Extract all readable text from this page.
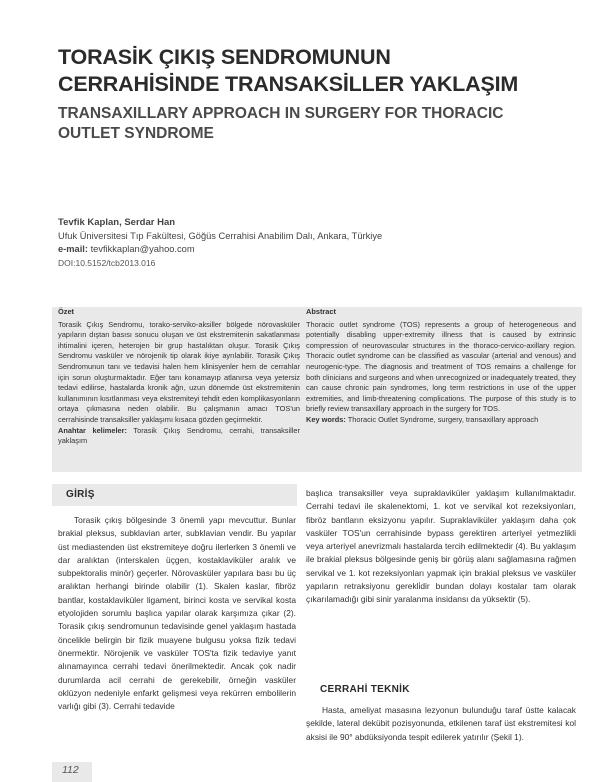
TORASİK ÇIKIŞ SENDROMUNUN
CERRAHİSİNDE TRANSAKSİLLER YAKLAŞIM
TRANSAXILLARY APPROACH IN SURGERY FOR THORACIC
OUTLET SYNDROME
Tevfik Kaplan, Serdar Han
Ufuk Üniversitesi Tıp Fakültesi, Göğüs Cerrahisi Anabilim Dalı, Ankara, Türkiye
e-mail: tevfikkaplan@yahoo.com
DOI:10.5152/tcb2013.016
Özet
Torasik Çıkış Sendromu, torako-serviko-aksiller bölgede nörovasküler yapıların dıştan basısı sonucu oluşan ve üst ekstremitenin sakatlanması ihtimalini içeren, heterojen bir grup hastalıktan oluşur. Torasik Çıkış Sendromu vasküler ve nörojenik tip olarak ikiye ayrılabilir. Torasik Çıkış Sendromunun tanı ve tedavisi halen hem klinisyenler hem de cerrahlar için sorun oluşturmaktadır. Eğer tanı konamayıp atlanırsa veya yetersiz tedavi edilirse, hastalarda kronik ağrı, uzun dönemde üst ekstremitenin kullanımının kısıtlanması veya ekstremiteyi tehdit eden komplikasyonların ortaya çıkmasına neden olabilir. Bu çalışmanın amacı TOS'un cerrahisinde transaksiller yaklaşımı kısaca gözden geçirmektir.
Anahtar kelimeler: Torasik Çıkış Sendromu, cerrahi, transaksiller yaklaşım
Abstract
Thoracic outlet syndrome (TOS) represents a group of heterogeneous and potentially disabling upper-extremity illness that is caused by extrinsic compression of neurovascular structures in the thoraco-cervico-axillary region. Thoracic outlet syndrome can be classified as vascular (arterial and venous) and neurogenic-type. The diagnosis and treatment of TOS remains a challenge for both clinicians and surgeons and when unrecognized or inadequately treated, they can cause chronic pain syndromes, long term restrictions in use of the upper extremities, and limb-threatening complications. The purpose of this study is to briefly review transaxillary approach in the surgery for TOS.
Key words: Thoracic Outlet Syndrome, surgery, transaxillary approach
GİRİŞ

Torasik çıkış bölgesinde 3 önemli yapı mevcuttur. Bunlar brakial pleksus, subklavian arter, subklavian vendir. Bu yapılar üst mediastenden üst ekstremiteye doğru ilerlerken 3 önemli ve dar aralıktan (interskalen üçgen, kostaklaviküler aralık ve subpektoralis minör) geçerler. Nörovasküler yapılara bası bu üç aralıktan herhangi birinde olabilir (1). Skalen kaslar, fibröz bantlar, kostaklaviküler ligament, birinci kosta ve servikal kosta etyolojiden sorumlu başlıca yapılar olarak karşımıza çıkar (2). Torasik çıkış sendromunun tedavisinde genel yaklaşım hastada öncelikle belirgin bir fizik muayene bulgusu yoksa fizik tedavi önermektir. Nörojenik ve vasküler TOS'ta fizik tedaviye yanıt alınamayınca cerrahi tedavi önerilmektedir. Ancak çok nadir durumlarda acil cerrahi de gerekebilir, örneğin vasküler oklüzyon nedeniyle enfarkt gelişmesi veya rekürren embolilerin varlığı gibi (3). Cerrahi tedavide

başlıca transaksiller veya supraklaviküler yaklaşım kullanılmaktadır. Cerrahi tedavi ile skalenektomi, 1. kot ve servikal kot rezeksiyonları, fibröz bantların eksizyonu yapılır. Supraklaviküler yaklaşım daha çok vasküler TOS'un cerrahisinde bypass gerektiren arteriyel yetmezlikli veya arteriyel anevrizmalı hastalarda tercih edilmektedir (4). Bu yaklaşım ile brakial pleksus bölgesinde geniş bir görüş alanı sağlamasına rağmen servikal ve 1. kot rezeksiyonları yapmak için brakial pleksus ve vasküler yapıların retraksiyonu gerekli̇dir bundan dolayı kostalar tam olarak çıkarılamadığı gibi sinir yaralanma insidansı da yüksektir (5).

CERRAHİ TEKNİK

Hasta, ameliyat masasına lezyonun bulunduğu taraf üstte kalacak şekilde, lateral dekübit pozisyonunda, etkilenen taraf üst ekstremitesi kol aksisi ile 90° abdüksiyonda tespit edilerek yatırılır (Şekil 1).

112
